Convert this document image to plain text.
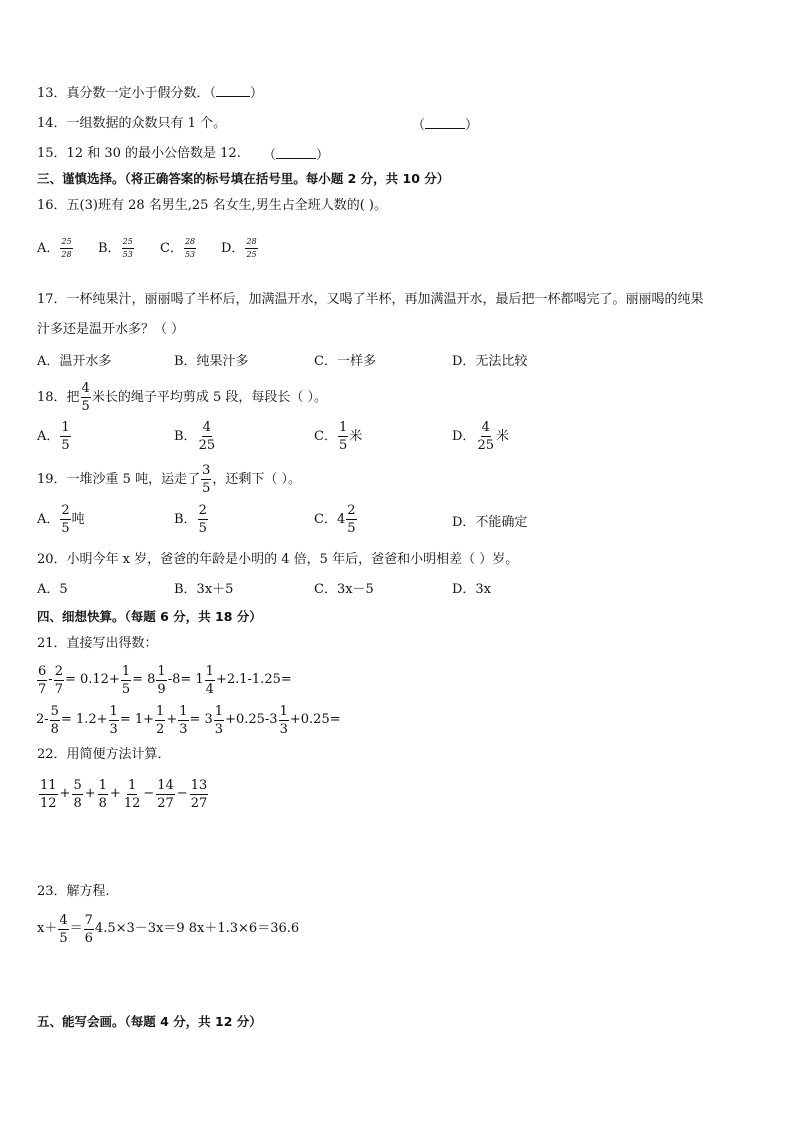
13．真分数一定小于假分数．（	）
14．一组数据的众数只有 1 个。	（	）
15．12 和 30 的最小公倍数是 12. （	）
三、谨慎选择。（将正确答案的标号填在括号里。每小题 2 分，共 10 分）
16．五(3)班有 28 名男生,25 名女生,男生占全班人数的( )。
A． $\frac{25}{28}$ B． $\frac{25}{53}$ C． $\frac{28}{53}$ D． $\frac{28}{25}$
17．一杯纯果汁，丽丽喝了半杯后，加满温开水，又喝了半杯，再加满温开水，最后把一杯都喝完了。丽丽喝的纯果
汁多还是温开水多？（ ）
A．温开水多	B．纯果汁多	C．一样多	D．无法比较
18．把 $\frac{4}{5}$ 米长的绳子平均剪成 5 段，每段长（ ）。
A． $\frac{1}{5}$	B． $\frac{4}{25}$	C． $\frac{1}{5}$ 米	D． $\frac{4}{25}$ 米
19．一堆沙重 5 吨，运走了 $\frac{3}{5}$ ，还剩下（ ）。
A． $\frac{2}{5}$ 吨	B． $\frac{2}{5}$	C．$4 \frac{2}{5}$	D．不能确定
20．小明今年 x 岁，爸爸的年龄是小明的 4 倍，5 年后，爸爸和小明相差（ ）岁。
A．5	B．3x＋5	C．3x－5	D．3x
四、细想快算。（每题 6 分，共 18 分）
21．直接写出得数：
$\frac{6}{7} - \frac{2}{7} = 0.12+ \frac{1}{5} = 8 \frac{1}{9} -8= 1 \frac{1}{4} +2.1-1.25=$
$2- \frac{5}{8} = 1.2+ \frac{1}{3} = 1+ \frac{1}{2} + \frac{1}{3} = 3 \frac{1}{3} +0.25-3 \frac{1}{3} +0.25=$
22．用简便方法计算．
$\frac{11}{12} + \frac{5}{8} + \frac{1}{8} + \frac{1}{12} - \frac{14}{27} - \frac{13}{27}$
23．解方程.
$x+ \frac{4}{5} = \frac{7}{6} 4.5\times 3-3x=9$ 8x＋1.3×6＝36.6
五、能写会画。（每题 4 分，共 12 分）
